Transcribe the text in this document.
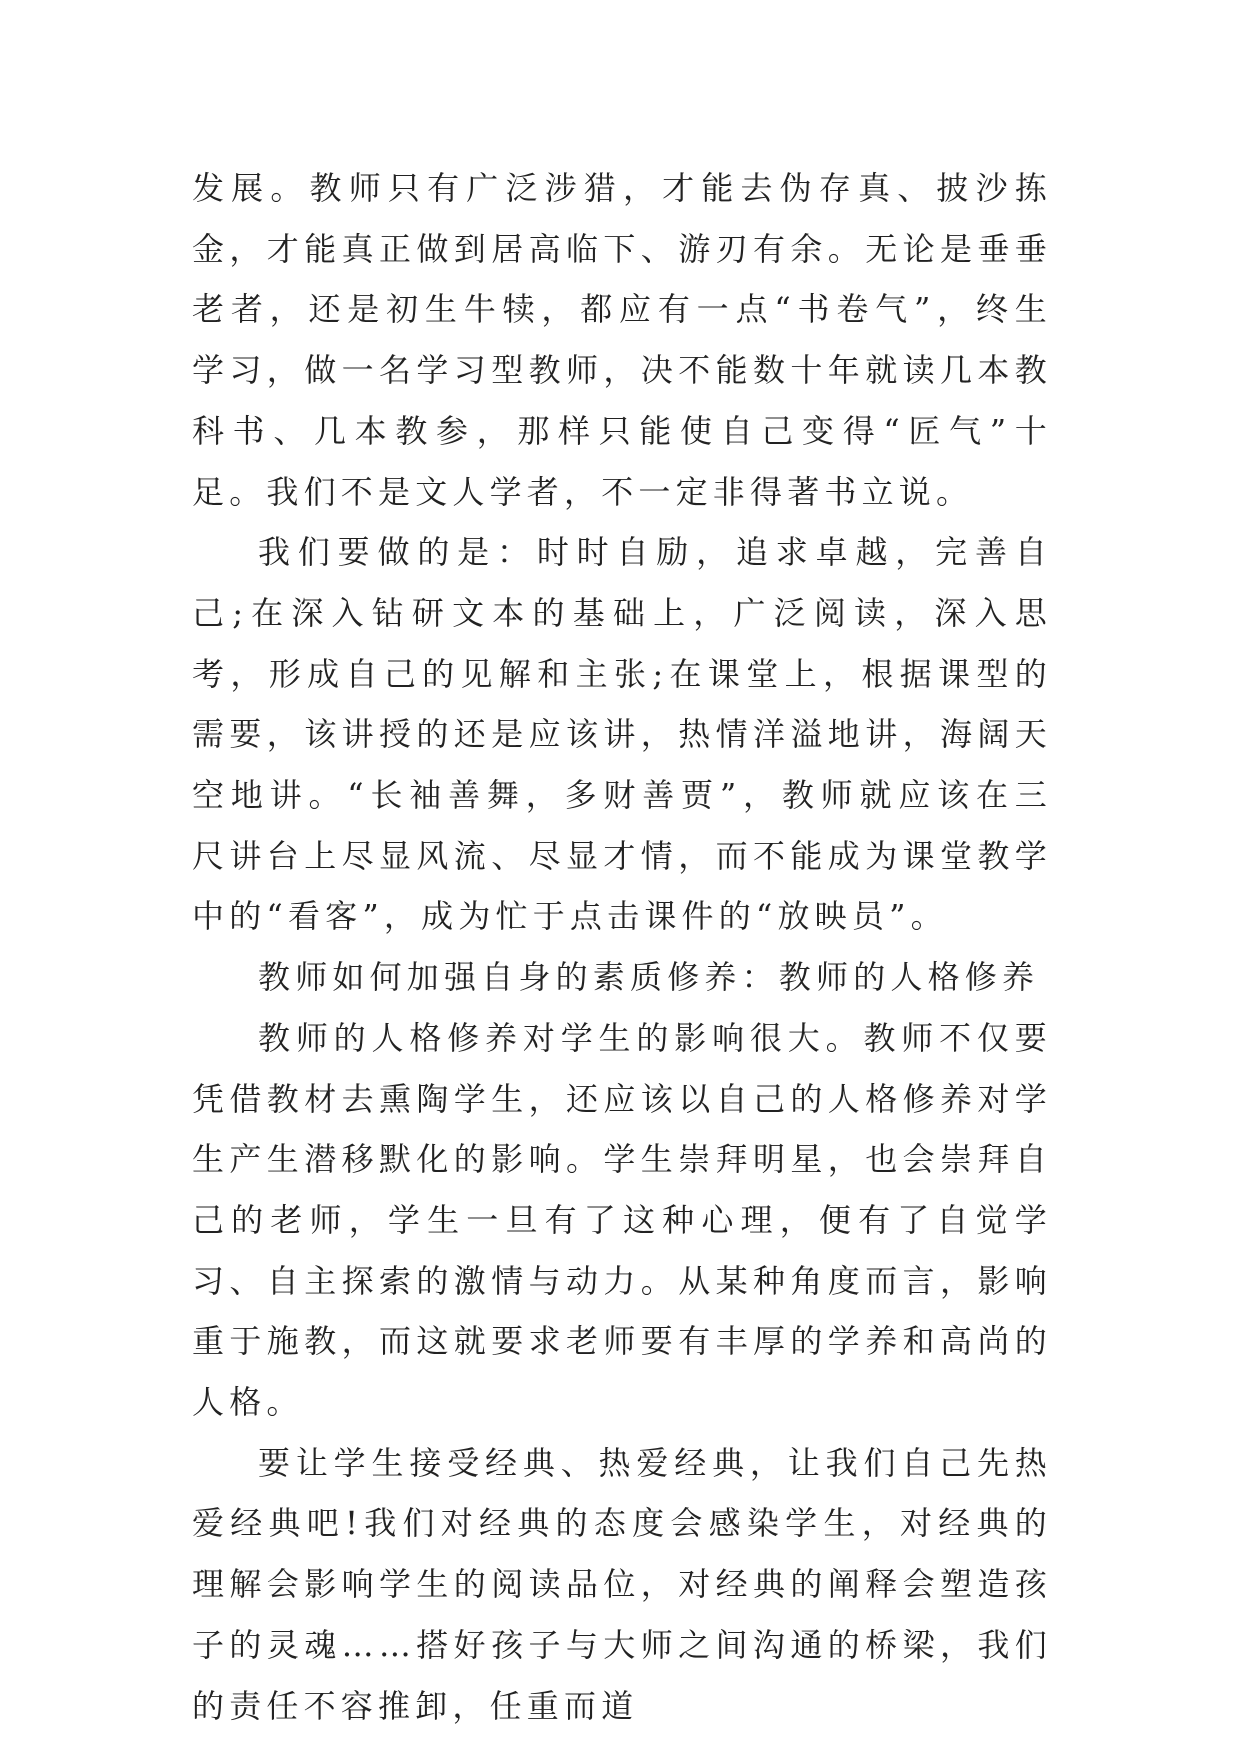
发展。教师只有广泛涉猎，才能去伪存真、披沙拣金，才能真正做到居高临下、游刃有余。无论是垂垂老者，还是初生牛犊，都应有一点“书卷气”，终生学习，做一名学习型教师，决不能数十年就读几本教科书、几本教参，那样只能使自己变得“匠气”十足。我们不是文人学者，不一定非得著书立说。

我们要做的是：时时自励，追求卓越，完善自己;在深入钻研文本的基础上，广泛阅读，深入思考，形成自己的见解和主张;在课堂上，根据课型的需要，该讲授的还是应该讲，热情洋溢地讲，海阔天空地讲。“长袖善舞，多财善贾”，教师就应该在三尺讲台上尽显风流、尽显才情，而不能成为课堂教学中的“看客”，成为忙于点击课件的“放映员”。

教师如何加强自身的素质修养：教师的人格修养

教师的人格修养对学生的影响很大。教师不仅要凭借教材去熏陶学生，还应该以自己的人格修养对学生产生潜移默化的影响。学生崇拜明星，也会崇拜自己的老师，学生一旦有了这种心理，便有了自觉学习、自主探索的激情与动力。从某种角度而言，影响重于施教，而这就要求老师要有丰厚的学养和高尚的人格。

要让学生接受经典、热爱经典，让我们自己先热爱经典吧!我们对经典的态度会感染学生，对经典的理解会影响学生的阅读品位，对经典的阐释会塑造孩子的灵魂……搭好孩子与大师之间沟通的桥梁，我们的责任不容推卸，任重而道
